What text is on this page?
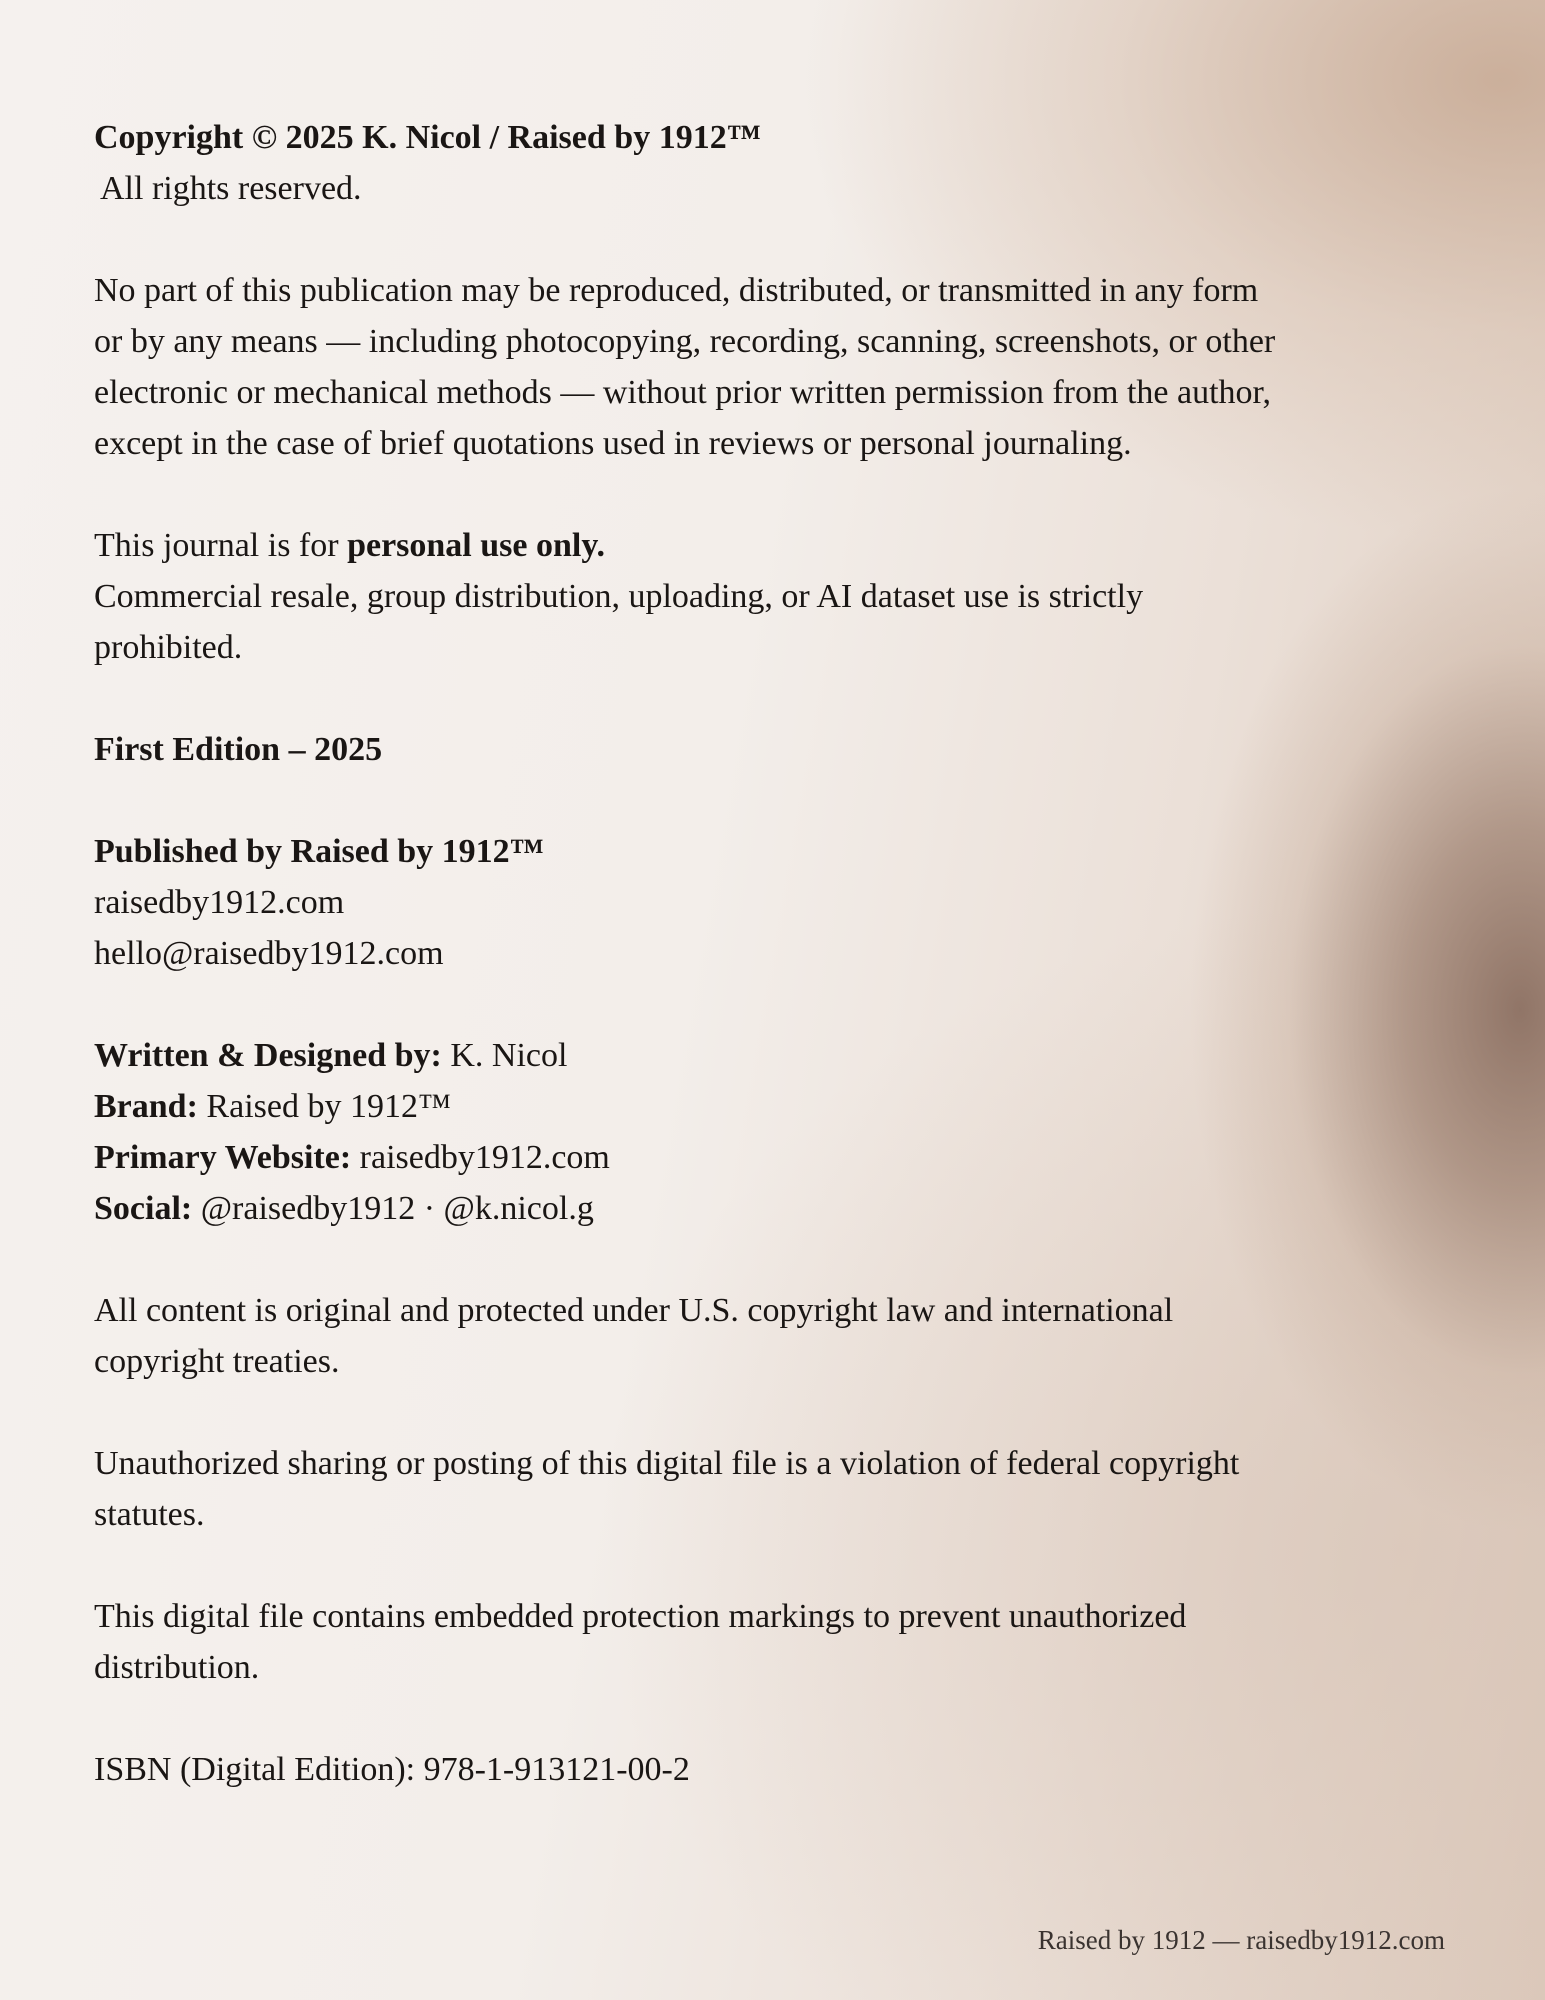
Copyright © 2025 K. Nicol / Raised by 1912™
All rights reserved.
No part of this publication may be reproduced, distributed, or transmitted in any form
or by any means — including photocopying, recording, scanning, screenshots, or other
electronic or mechanical methods — without prior written permission from the author,
except in the case of brief quotations used in reviews or personal journaling.
This journal is for personal use only.
Commercial resale, group distribution, uploading, or AI dataset use is strictly
prohibited.
First Edition – 2025
Published by Raised by 1912™
raisedby1912.com
hello@raisedby1912.com
Written & Designed by: K. Nicol
Brand: Raised by 1912™
Primary Website: raisedby1912.com
Social: @raisedby1912 · @k.nicol.g
All content is original and protected under U.S. copyright law and international
copyright treaties.
Unauthorized sharing or posting of this digital file is a violation of federal copyright
statutes.
This digital file contains embedded protection markings to prevent unauthorized
distribution.
ISBN (Digital Edition): 978-1-913121-00-2
Raised by 1912 — raisedby1912.com
